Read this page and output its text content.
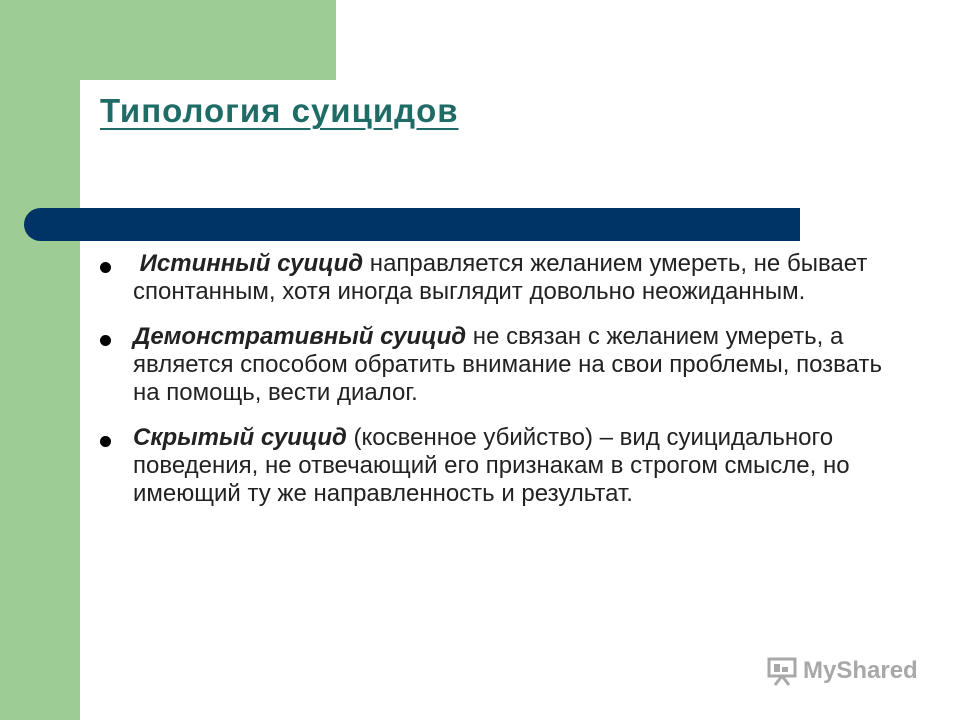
Типология суицидов
Истинный суицид направляется желанием умереть, не бывает спонтанным, хотя иногда выглядит довольно неожиданным.
Демонстративный суицид не связан с желанием умереть, а является способом обратить внимание на свои проблемы, позвать на помощь, вести диалог.
Скрытый суицид (косвенное убийство) – вид суицидального поведения, не отвечающий его признакам в строгом смысле, но имеющий ту же направленность и результат.
MyShared
